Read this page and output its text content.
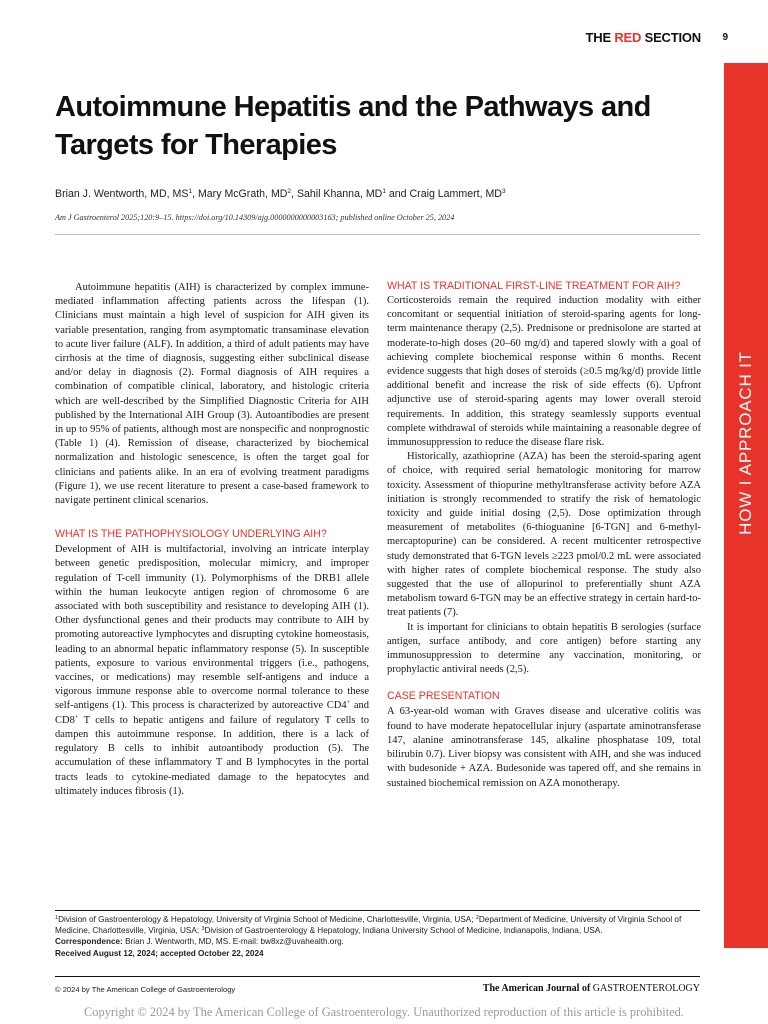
THE RED SECTION 9
HOW I APPROACH IT
Autoimmune Hepatitis and the Pathways and Targets for Therapies
Brian J. Wentworth, MD, $MS^1$, Mary McGrath, $MD^2$, Sahil Khanna, $MD^1$ and Craig Lammert, $MD^3$
Am J Gastroenterol 2025;120:9–15. https://doi.org/10.14309/ajg.0000000000003163; published online October 25, 2024

Autoimmune hepatitis (AIH) is characterized by complex immune-mediated inflammation affecting patients across the lifespan (1). Clinicians must maintain a high level of suspicion for AIH given its variable presentation, ranging from asymptomatic transaminase elevation to acute liver failure (ALF). In addition, a third of adult patients may have cirrhosis at the time of diagnosis, suggesting either subclinical disease and/or delay in diagnosis (2). Formal diagnosis of AIH requires a combination of compatible clinical, laboratory, and histologic criteria which are well-described by the Simplified Diagnostic Criteria for AIH published by the International AIH Group (3). Autoantibodies are present in up to 95% of patients, although most are nonspecific and nonprognostic (Table 1) (4). Remission of disease, characterized by biochemical normalization and histologic senescence, is often the target goal for clinicians and patients alike. In an era of evolving treatment paradigms (Figure 1), we use recent literature to present a case-based framework to navigate pertinent clinical scenarios.

WHAT IS THE PATHOPHYSIOLOGY UNDERLYING AIH?

Development of AIH is multifactorial, involving an intricate interplay between genetic predisposition, molecular mimicry, and improper regulation of T-cell immunity (1). Polymorphisms of the DRB1 allele within the human leukocyte antigen region of chromosome 6 are associated with both susceptibility and resistance to developing AIH (1). Other dysfunctional genes and their products may contribute to AIH by promoting autoreactive lymphocytes and disrupting cytokine homeostasis, leading to an abnormal hepatic inflammatory response (5). In susceptible patients, exposure to various environmental triggers (i.e., pathogens, vaccines, or medications) may resemble self-antigens and induce a vigorous immune response able to overcome normal tolerance to these self-antigens (1). This process is characterized by autoreactive CD4+ and CD8+ T cells to hepatic antigens and failure of regulatory T cells to dampen this autoimmune response. In addition, there is a lack of regulatory B cells to inhibit autoantibody production (5). The accumulation of these inflammatory T and B lymphocytes in the portal tracts leads to cytokine-mediated damage to the hepatocytes and ultimately induces fibrosis (1).

WHAT IS TRADITIONAL FIRST-LINE TREATMENT FOR AIH?

Corticosteroids remain the required induction modality with either concomitant or sequential initiation of steroid-sparing agents for long-term maintenance therapy (2,5). Prednisone or prednisolone are started at moderate-to-high doses (20–60 mg/d) and tapered slowly with a goal of achieving complete biochemical response within 6 months. Recent evidence suggests that high doses of steroids (≥0.5 mg/kg/d) provide little additional benefit and increase the risk of side effects (6). Upfront adjunctive use of steroid-sparing agents may lower overall steroid requirements. In addition, this strategy seamlessly supports eventual complete withdrawal of steroids while maintaining a reasonable degree of immunosuppression to reduce the disease flare risk.

Historically, azathioprine (AZA) has been the steroid-sparing agent of choice, with required serial hematologic monitoring for marrow toxicity. Assessment of thiopurine methyltransferase activity before AZA initiation is strongly recommended to stratify the risk of hematologic toxicity and guide initial dosing (2,5). Dose optimization through measurement of metabolites (6-thioguanine [6-TGN] and 6-methyl-mercaptopurine) can be considered. A recent multicenter retrospective study demonstrated that 6-TGN levels ≥223 pmol/0.2 mL were associated with higher rates of complete biochemical response. The study also suggested that the use of allopurinol to preferentially shunt AZA metabolism toward 6-TGN may be an effective strategy in certain hard-to-treat patients (7).

It is important for clinicians to obtain hepatitis B serologies (surface antigen, surface antibody, and core antigen) before starting any immunosuppression to determine any vaccination, monitoring, or prophylactic antiviral needs (2,5).

CASE PRESENTATION

A 63-year-old woman with Graves disease and ulcerative colitis was found to have moderate hepatocellular injury (aspartate aminotransferase 147, alanine aminotransferase 145, alkaline phosphatase 109, total bilirubin 0.7). Liver biopsy was consistent with AIH, and she was induced with budesonide + AZA. Budesonide was tapered off, and she remains in sustained biochemical remission on AZA monotherapy.

$^1$Division of Gastroenterology & Hepatology, University of Virginia School of Medicine, Charlottesville, Virginia, USA; $^2$Department of Medicine, University of Virginia School of Medicine, Charlottesville, Virginia, USA; $^3$Division of Gastroenterology & Hepatology, Indiana University School of Medicine, Indianapolis, Indiana, USA.
Correspondence: Brian J. Wentworth, MD, MS. E-mail: bw8xz@uvahealth.org.
Received August 12, 2024; accepted October 22, 2024
© 2024 by The American College of Gastroenterology	The American Journal of GASTROENTEROLOGY
Copyright © 2024 by The American College of Gastroenterology. Unauthorized reproduction of this article is prohibited.
